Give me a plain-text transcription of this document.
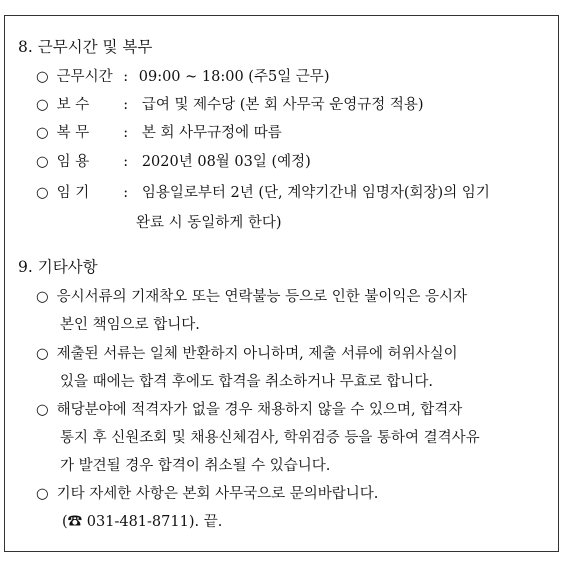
8. 근무시간 및 복무
○ 근무시간 : 09:00 ~ 18:00 (주5일 근무)
○ 보 수 : 급여 및 제수당 (본 회 사무국 운영규정 적용)
○ 복 무 : 본 회 사무규정에 따름
○ 임 용 : 2020년 08월 03일 (예정)
○ 임 기 : 임용일로부터 2년 (단, 계약기간내 임명자(회장)의 임기
완료 시 동일하게 한다)
9. 기타사항
○ 응시서류의 기재착오 또는 연락불능 등으로 인한 불이익은 응시자
본인 책임으로 합니다.
○ 제출된 서류는 일체 반환하지 아니하며, 제출 서류에 허위사실이
있을 때에는 합격 후에도 합격을 취소하거나 무효로 합니다.
○ 해당분야에 적격자가 없을 경우 채용하지 않을 수 있으며, 합격자
통지 후 신원조회 및 채용신체검사, 학위검증 등을 통하여 결격사유
가 발견될 경우 합격이 취소될 수 있습니다.
○ 기타 자세한 사항은 본회 사무국으로 문의바랍니다.
(☎ 031-481-8711). 끝.
